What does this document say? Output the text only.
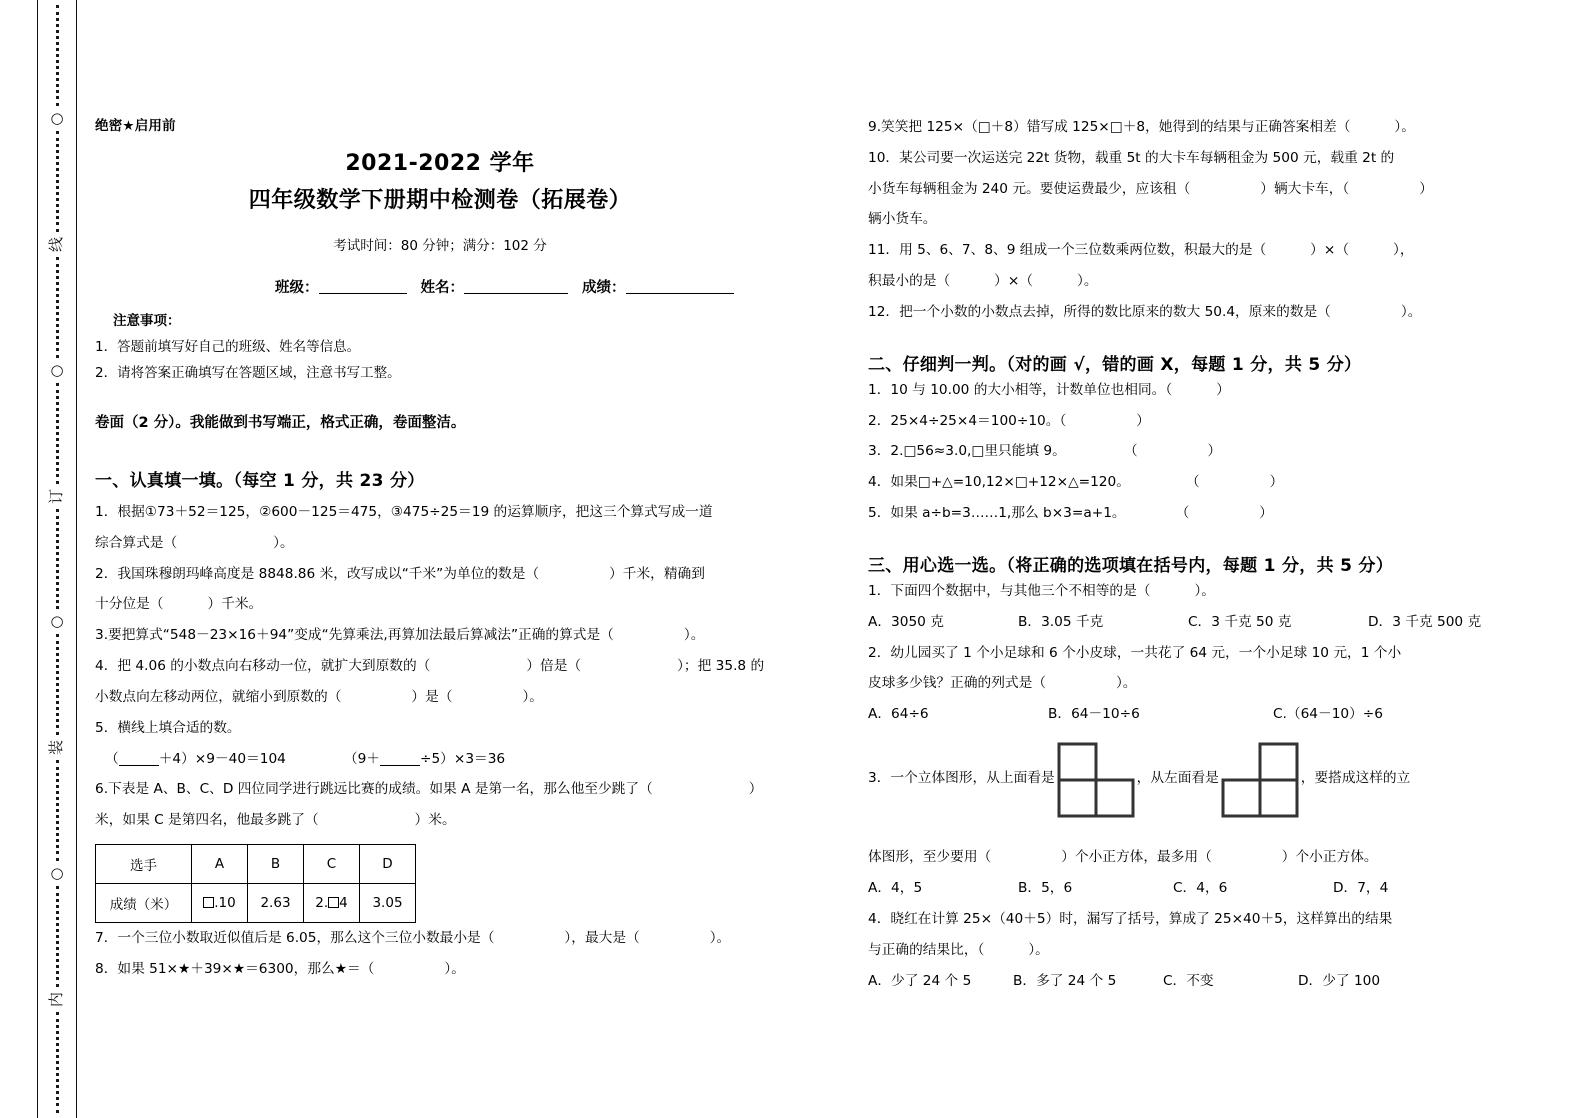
○
线
○
订
○
装
○
内
绝密★启用前
2021-2022 学年
四年级数学下册期中检测卷（拓展卷）
考试时间：80 分钟；满分：102 分
班级：	姓名：	成绩：
注意事项：
1．答题前填写好自己的班级、姓名等信息。
2．请将答案正确填写在答题区域，注意书写工整。
卷面（2 分）。我能做到书写端正，格式正确，卷面整洁。
一、认真填一填。（每空 1 分，共 23 分）
1．根据①73＋52＝125，②600－125＝475，③475÷25＝19 的运算顺序，把这三个算式写成一道
综合算式是（	）。
2．我国珠穆朗玛峰高度是 8848.86 米，改写成以“千米”为单位的数是（	）千米，精确到
十分位是（	）千米。
3.要把算式“548－23×16＋94”变成“先算乘法,再算加法最后算减法”正确的算式是（	）。
4．把 4.06 的小数点向右移动一位，就扩大到原数的（	）倍是（	）；把 35.8 的
小数点向左移动两位，就缩小到原数的（	）是（	）。
5．横线上填合适的数。
（	＋4）×9－40＝104	（9＋	÷5）×3＝36
6.下表是 A、B、C、D 四位同学进行跳远比赛的成绩。如果 A 是第一名，那么他至少跳了（	）
米，如果 C 是第四名，他最多跳了（	）米。
选手	A	B	C	D
成绩（米）	.10	2.63	2. 4	3.05
7．一个三位小数取近似值后是 6.05，那么这个三位小数最小是（	），最大是（	）。
8．如果 51×★＋39×★＝6300，那么★＝（	）。
9.笑笑把 125×（□＋8）错写成 125×□＋8，她得到的结果与正确答案相差（	）。
10．某公司要一次运送完 22t 货物，载重 5t 的大卡车每辆租金为 500 元，载重 2t 的
小货车每辆租金为 240 元。要使运费最少，应该租（	）辆大卡车，（	）
辆小货车。
11．用 5、6、7、8、9 组成一个三位数乘两位数，积最大的是（	）×（	），
积最小的是（	）×（	）。
12．把一个小数的小数点去掉，所得的数比原来的数大 50.4，原来的数是（	）。
二、仔细判一判。（对的画 √，错的画 X，每题 1 分，共 5 分）
1．10 与 10.00 的大小相等，计数单位也相同。（	）
2．25×4÷25×4＝100÷10。（	）
3．2.□56≈3.0,□里只能填 9。	（	）
4．如果□+△=10,12×□+12×△=120。	（	）
5．如果 a÷b=3……1,那么 b×3=a+1。	（	）
三、用心选一选。（将正确的选项填在括号内，每题 1 分，共 5 分）
1．下面四个数据中，与其他三个不相等的是（	）。
A．3050 克	B．3.05 千克	C．3 千克 50 克	D．3 千克 500 克
2．幼儿园买了 1 个小足球和 6 个小皮球，一共花了 64 元，一个小足球 10 元，1 个小
皮球多少钱？正确的列式是（	）。
A．64÷6	B．64－10÷6	C.（64－10）÷6
3．一个立体图形，从上面看是	，从左面看是	，要搭成这样的立
体图形，至少要用（	）个小正方体，最多用（	）个小正方体。
A．4，5	B．5，6	C．4，6	D．7，4
4．晓红在计算 25×（40＋5）时，漏写了括号，算成了 25×40＋5，这样算出的结果
与正确的结果比，（	）。
A．少了 24 个 5	B．多了 24 个 5	C．不变	D．少了 100
